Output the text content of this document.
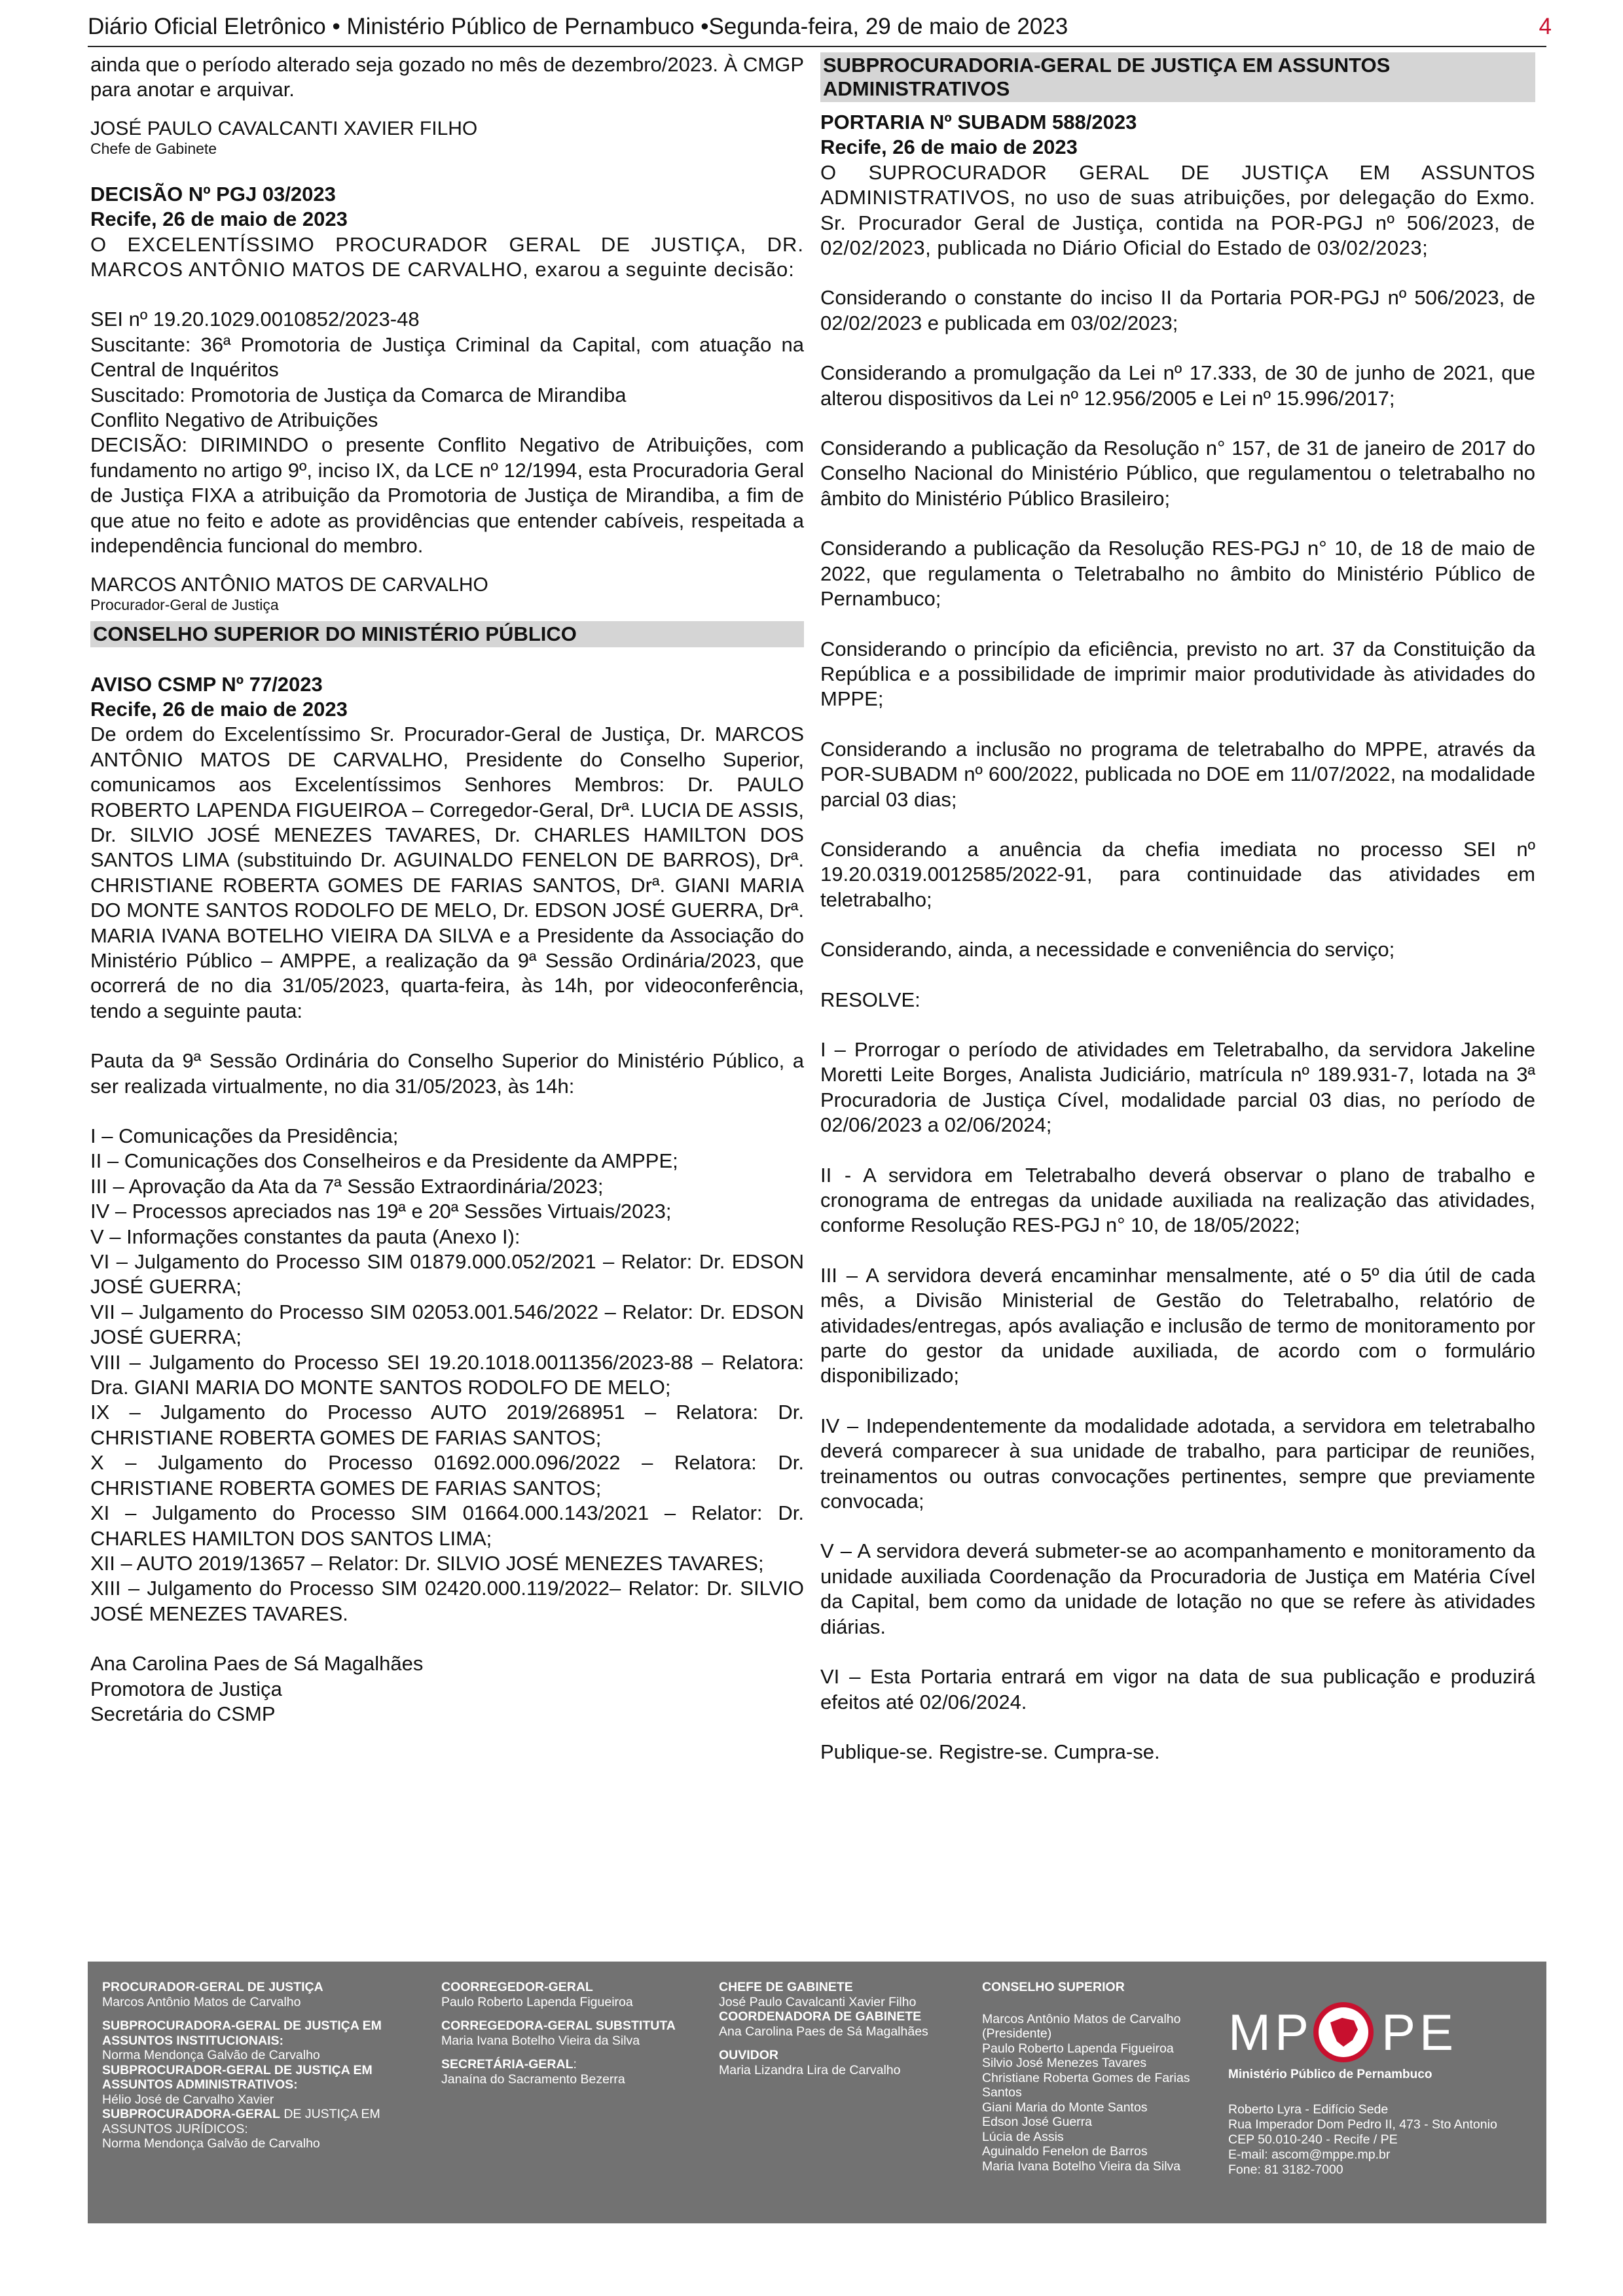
Diário Oficial Eletrônico • Ministério Público de Pernambuco •Segunda-feira, 29 de maio de 2023	4

ainda que o período alterado seja gozado no mês de dezembro/2023. À CMGP para anotar e arquivar.

JOSÉ PAULO CAVALCANTI XAVIER FILHO

Chefe de Gabinete

DECISÃO Nº PGJ 03/2023

Recife, 26 de maio de 2023

O EXCELENTÍSSIMO PROCURADOR GERAL DE JUSTIÇA, DR. MARCOS ANTÔNIO MATOS DE CARVALHO, exarou a seguinte decisão:

SEI nº 19.20.1029.0010852/2023-48

Suscitante: 36ª Promotoria de Justiça Criminal da Capital, com atuação na Central de Inquéritos

Suscitado: Promotoria de Justiça da Comarca de Mirandiba

Conflito Negativo de Atribuições

DECISÃO: DIRIMINDO o presente Conflito Negativo de Atribuições, com fundamento no artigo 9º, inciso IX, da LCE nº 12/1994, esta Procuradoria Geral de Justiça FIXA a atribuição da Promotoria de Justiça de Mirandiba, a fim de que atue no feito e adote as providências que entender cabíveis, respeitada a independência funcional do membro.

MARCOS ANTÔNIO MATOS DE CARVALHO

Procurador-Geral de Justiça

CONSELHO SUPERIOR DO MINISTÉRIO PÚBLICO

AVISO CSMP Nº 77/2023

Recife, 26 de maio de 2023

De ordem do Excelentíssimo Sr. Procurador-Geral de Justiça, Dr. MARCOS ANTÔNIO MATOS DE CARVALHO, Presidente do Conselho Superior, comunicamos aos Excelentíssimos Senhores Membros: Dr. PAULO ROBERTO LAPENDA FIGUEIROA – Corregedor-Geral, Drª. LUCIA DE ASSIS, Dr. SILVIO JOSÉ MENEZES TAVARES, Dr. CHARLES HAMILTON DOS SANTOS LIMA (substituindo Dr. AGUINALDO FENELON DE BARROS), Drª. CHRISTIANE ROBERTA GOMES DE FARIAS SANTOS, Drª. GIANI MARIA DO MONTE SANTOS RODOLFO DE MELO, Dr. EDSON JOSÉ GUERRA, Drª. MARIA IVANA BOTELHO VIEIRA DA SILVA e a Presidente da Associação do Ministério Público – AMPPE, a realização da 9ª Sessão Ordinária/2023, que ocorrerá de no dia 31/05/2023, quarta-feira, às 14h, por videoconferência, tendo a seguinte pauta:

Pauta da 9ª Sessão Ordinária do Conselho Superior do Ministério Público, a ser realizada virtualmente, no dia 31/05/2023, às 14h:

I – Comunicações da Presidência;

II – Comunicações dos Conselheiros e da Presidente da AMPPE;

III – Aprovação da Ata da 7ª Sessão Extraordinária/2023;

IV – Processos apreciados nas 19ª e 20ª Sessões Virtuais/2023;

V – Informações constantes da pauta (Anexo I):

VI – Julgamento do Processo SIM 01879.000.052/2021 – Relator: Dr. EDSON JOSÉ GUERRA;

VII – Julgamento do Processo SIM 02053.001.546/2022 – Relator: Dr. EDSON JOSÉ GUERRA;

VIII – Julgamento do Processo SEI 19.20.1018.0011356/2023-88 – Relatora: Dra. GIANI MARIA DO MONTE SANTOS RODOLFO DE MELO;

IX – Julgamento do Processo AUTO 2019/268951 – Relatora: Dr. CHRISTIANE ROBERTA GOMES DE FARIAS SANTOS;

X – Julgamento do Processo 01692.000.096/2022 – Relatora: Dr. CHRISTIANE ROBERTA GOMES DE FARIAS SANTOS;

XI – Julgamento do Processo SIM 01664.000.143/2021 – Relator: Dr. CHARLES HAMILTON DOS SANTOS LIMA;

XII – AUTO 2019/13657 – Relator: Dr. SILVIO JOSÉ MENEZES TAVARES;

XIII – Julgamento do Processo SIM 02420.000.119/2022– Relator: Dr. SILVIO JOSÉ MENEZES TAVARES.

Ana Carolina Paes de Sá Magalhães

Promotora de Justiça

Secretária do CSMP

SUBPROCURADORIA-GERAL DE JUSTIÇA EM ASSUNTOS ADMINISTRATIVOS

PORTARIA Nº SUBADM 588/2023

Recife, 26 de maio de 2023

O SUPROCURADOR GERAL DE JUSTIÇA EM ASSUNTOS ADMINISTRATIVOS, no uso de suas atribuições, por delegação do Exmo. Sr. Procurador Geral de Justiça, contida na POR-PGJ nº 506/2023, de 02/02/2023, publicada no Diário Oficial do Estado de 03/02/2023;

Considerando o constante do inciso II da Portaria POR-PGJ nº 506/2023, de 02/02/2023 e publicada em 03/02/2023;

Considerando a promulgação da Lei nº 17.333, de 30 de junho de 2021, que alterou dispositivos da Lei nº 12.956/2005 e Lei nº 15.996/2017;

Considerando a publicação da Resolução n° 157, de 31 de janeiro de 2017 do Conselho Nacional do Ministério Público, que regulamentou o teletrabalho no âmbito do Ministério Público Brasileiro;

Considerando a publicação da Resolução RES-PGJ n° 10, de 18 de maio de 2022, que regulamenta o Teletrabalho no âmbito do Ministério Público de Pernambuco;

Considerando o princípio da eficiência, previsto no art. 37 da Constituição da República e a possibilidade de imprimir maior produtividade às atividades do MPPE;

Considerando a inclusão no programa de teletrabalho do MPPE, através da POR-SUBADM nº 600/2022, publicada no DOE em 11/07/2022, na modalidade parcial 03 dias;

Considerando a anuência da chefia imediata no processo SEI nº 19.20.0319.0012585/2022-91, para continuidade das atividades em teletrabalho;

Considerando, ainda, a necessidade e conveniência do serviço;

RESOLVE:

I – Prorrogar o período de atividades em Teletrabalho, da servidora Jakeline Moretti Leite Borges, Analista Judiciário, matrícula nº 189.931-7, lotada na 3ª Procuradoria de Justiça Cível, modalidade parcial 03 dias, no período de 02/06/2023 a 02/06/2024;

II - A servidora em Teletrabalho deverá observar o plano de trabalho e cronograma de entregas da unidade auxiliada na realização das atividades, conforme Resolução RES-PGJ n° 10, de 18/05/2022;

III – A servidora deverá encaminhar mensalmente, até o 5º dia útil de cada mês, a Divisão Ministerial de Gestão do Teletrabalho, relatório de atividades/entregas, após avaliação e inclusão de termo de monitoramento por parte do gestor da unidade auxiliada, de acordo com o formulário disponibilizado;

IV – Independentemente da modalidade adotada, a servidora em teletrabalho deverá comparecer à sua unidade de trabalho, para participar de reuniões, treinamentos ou outras convocações pertinentes, sempre que previamente convocada;

V – A servidora deverá submeter-se ao acompanhamento e monitoramento da unidade auxiliada Coordenação da Procuradoria de Justiça em Matéria Cível da Capital, bem como da unidade de lotação no que se refere às atividades diárias.

VI – Esta Portaria entrará em vigor na data de sua publicação e produzirá efeitos até 02/06/2024.

Publique-se. Registre-se. Cumpra-se.

PROCURADOR-GERAL DE JUSTIÇA
Marcos Antônio Matos de Carvalho
SUBPROCURADORA-GERAL DE JUSTIÇA EM ASSUNTOS INSTITUCIONAIS:
Norma Mendonça Galvão de Carvalho
SUBPROCURADOR-GERAL DE JUSTIÇA EM ASSUNTOS ADMINISTRATIVOS:
Hélio José de Carvalho Xavier
SUBPROCURADORA-GERAL DE JUSTIÇA EM ASSUNTOS JURÍDICOS:
Norma Mendonça Galvão de Carvalho
COORREGEDOR-GERAL
Paulo Roberto Lapenda Figueiroa
CORREGEDORA-GERAL SUBSTITUTA
Maria Ivana Botelho Vieira da Silva
SECRETÁRIA-GERAL:
Janaína do Sacramento Bezerra
CHEFE DE GABINETE
José Paulo Cavalcanti Xavier Filho
COORDENADORA DE GABINETE
Ana Carolina Paes de Sá Magalhães
OUVIDOR
Maria Lizandra Lira de Carvalho
CONSELHO SUPERIOR
Marcos Antônio Matos de Carvalho
(Presidente)
Paulo Roberto Lapenda Figueiroa
Silvio José Menezes Tavares
Christiane Roberta Gomes de Farias
Santos
Giani Maria do Monte Santos
Edson José Guerra
Lúcia de Assis
Aguinaldo Fenelon de Barros
Maria Ivana Botelho Vieira da Silva
MP PE
Ministério Público de Pernambuco
Roberto Lyra - Edifício Sede
Rua Imperador Dom Pedro II, 473 - Sto Antonio
CEP 50.010-240 - Recife / PE
E-mail: ascom@mppe.mp.br
Fone: 81 3182-7000
